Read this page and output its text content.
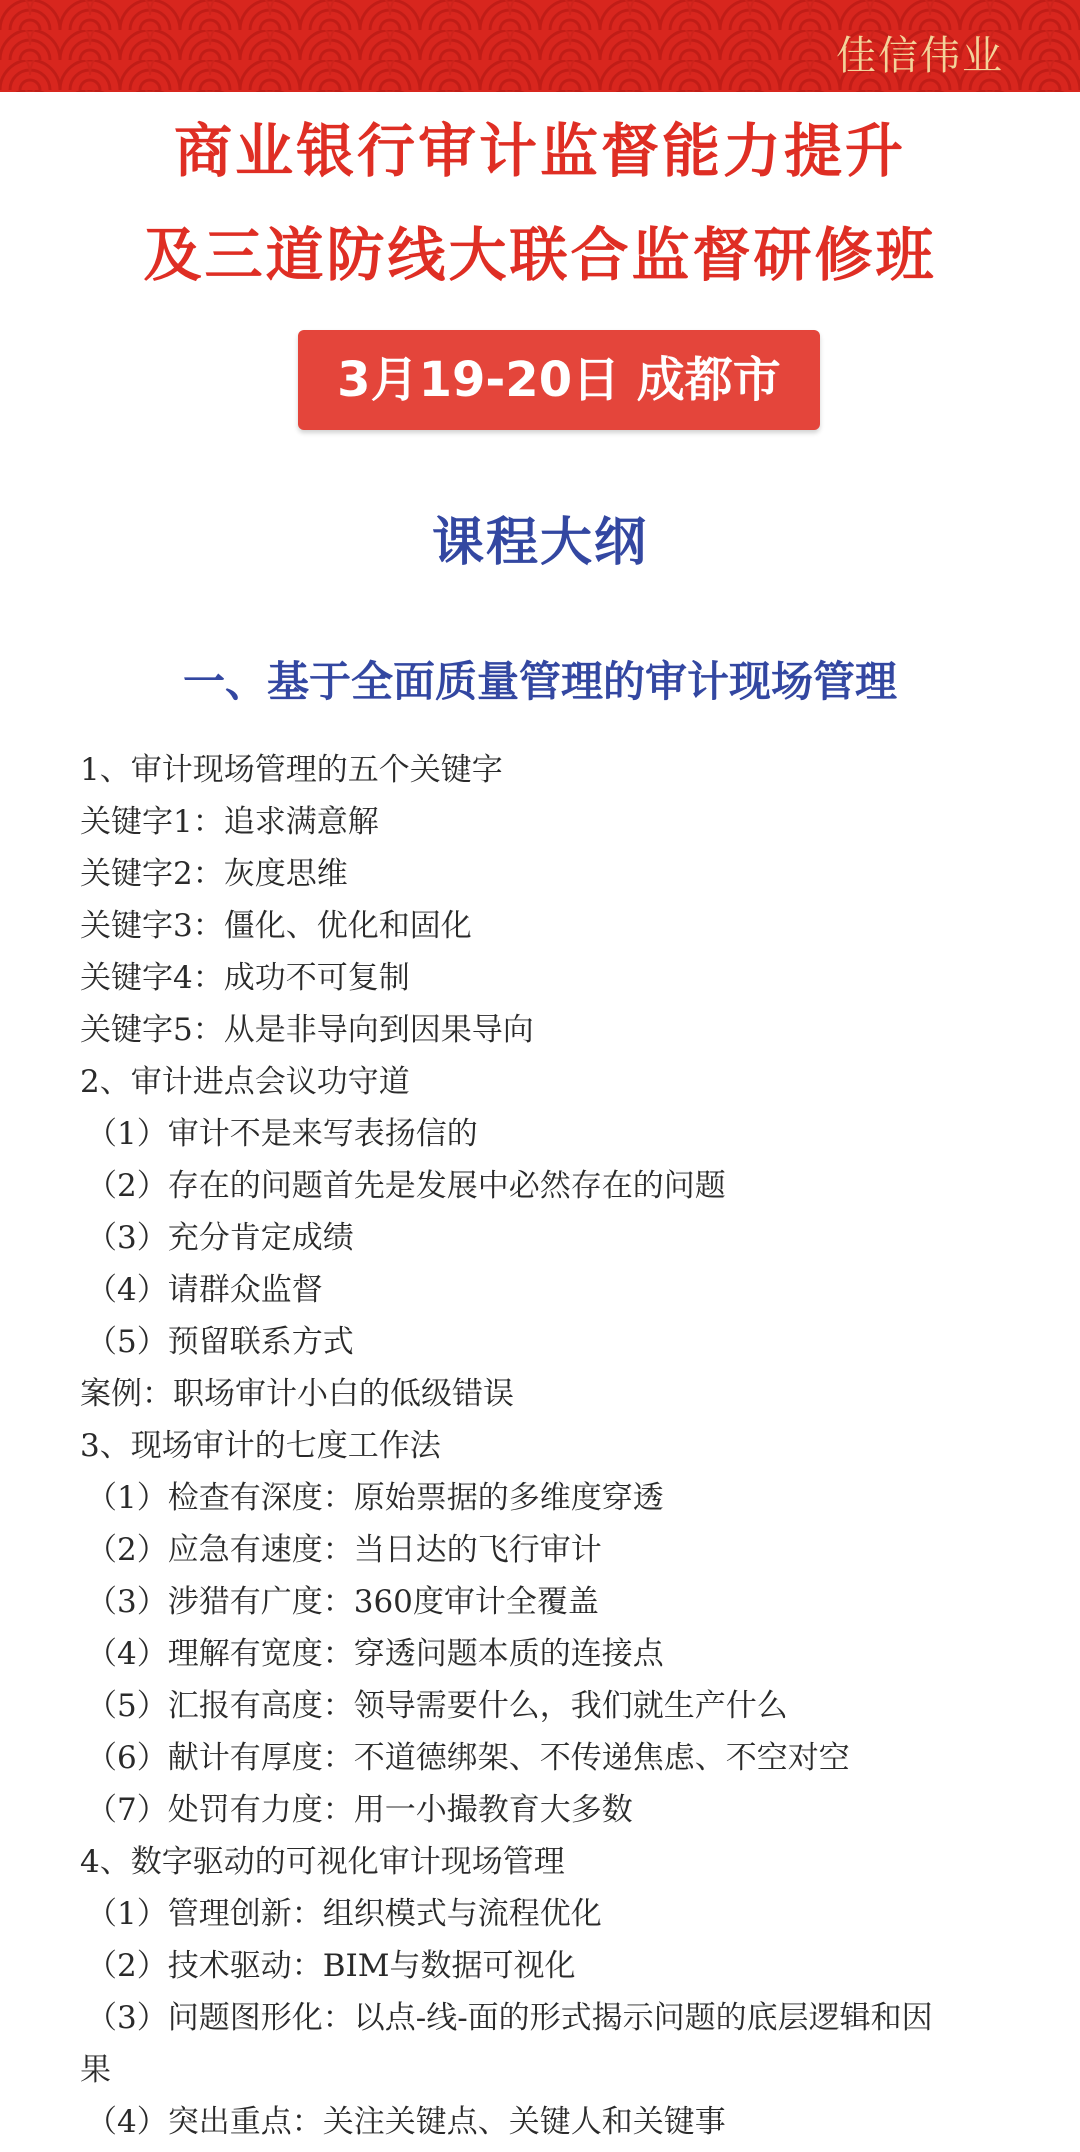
佳信伟业
商业银行审计监督能力提升
及三道防线大联合监督研修班
3月19-20日 成都市
课程大纲
一、基于全面质量管理的审计现场管理
1、审计现场管理的五个关键字
关键字1：追求满意解
关键字2：灰度思维
关键字3：僵化、优化和固化
关键字4：成功不可复制
关键字5：从是非导向到因果导向
2、审计进点会议功守道
（1）审计不是来写表扬信的
（2）存在的问题首先是发展中必然存在的问题
（3）充分肯定成绩
（4）请群众监督
（5）预留联系方式
案例：职场审计小白的低级错误
3、现场审计的七度工作法
（1）检查有深度：原始票据的多维度穿透
（2）应急有速度：当日达的飞行审计
（3）涉猎有广度：360度审计全覆盖
（4）理解有宽度：穿透问题本质的连接点
（5）汇报有高度：领导需要什么，我们就生产什么
（6）献计有厚度：不道德绑架、不传递焦虑、不空对空
（7）处罚有力度：用一小撮教育大多数
4、数字驱动的可视化审计现场管理
（1）管理创新：组织模式与流程优化
（2）技术驱动：BIM与数据可视化
（3）问题图形化：以点-线-面的形式揭示问题的底层逻辑和因
果
（4）突出重点：关注关键点、关键人和关键事
